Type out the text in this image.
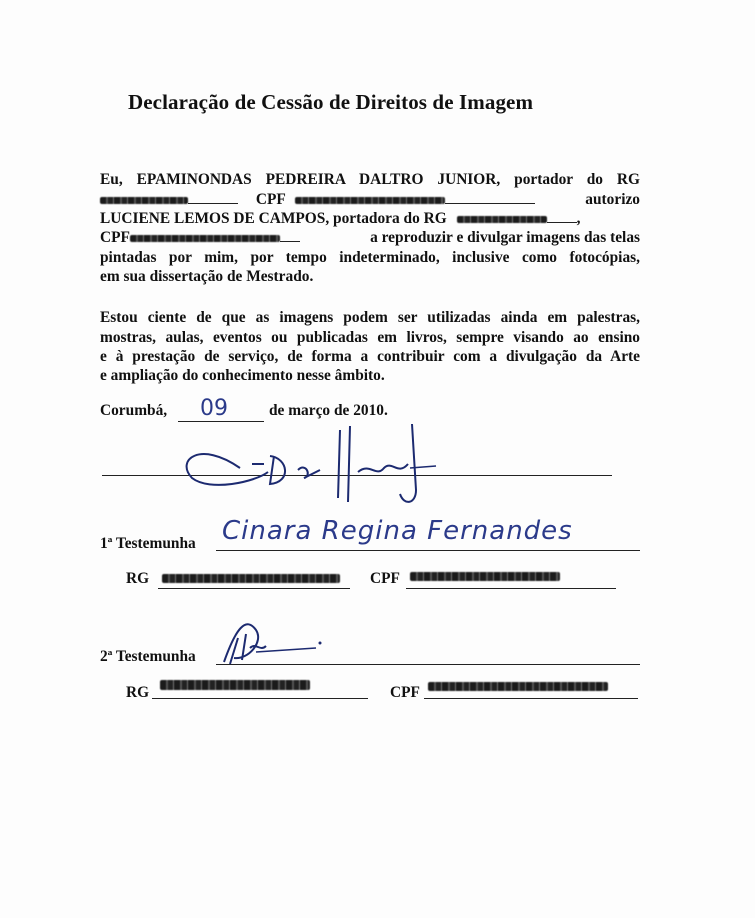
Declaração de Cessão de Direitos de Imagem
Eu, EPAMINONDAS PEDREIRA DALTRO JUNIOR, portador do RG
CPF	autorizo
LUCIENE LEMOS DE CAMPOS, portadora do RG	,
CPF	a reproduzir e divulgar imagens das telas
pintadas por mim, por tempo indeterminado, inclusive como fotocópias,
em sua dissertação de Mestrado.
Estou ciente de que as imagens podem ser utilizadas ainda em palestras,
mostras, aulas, eventos ou publicadas em livros, sempre visando ao ensino
e à prestação de serviço, de forma a contribuir com a divulgação da Arte
e ampliação do conhecimento nesse âmbito.
Corumbá, 09	de março de 2010.
1ª Testemunha Cinara Regina Fernandes
RG	CPF
2ª Testemunha
RG	CPF
